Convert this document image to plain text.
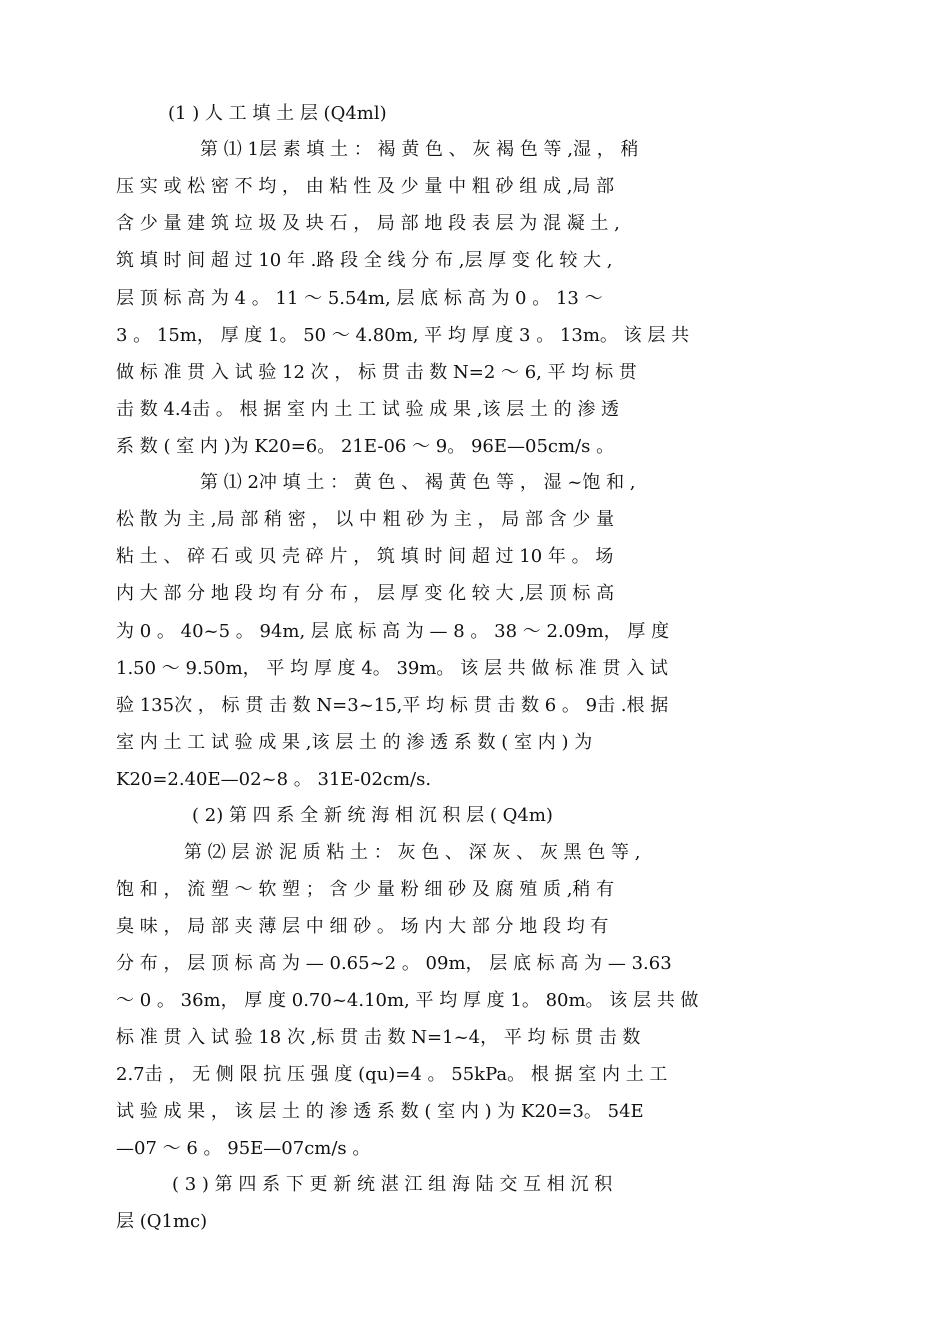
(1 ) 人 工 填 土 层 (Q4ml)
第 ⑴ 1层 素 填 土 ： 褐 黄 色 、 灰 褐 色 等 ,湿 ， 稍
压 实 或 松 密 不 均 ， 由 粘 性 及 少 量 中 粗 砂 组 成 ,局 部
含 少 量 建 筑 垃 圾 及 块 石 ， 局 部 地 段 表 层 为 混 凝 土 ,
筑 填 时 间 超 过 10 年 .路 段 全 线 分 布 ,层 厚 变 化 较 大 ,
层 顶 标 高 为 4 。 11 ～ 5.54m, 层 底 标 高 为 0 。 13 ～
3 。 15m， 厚 度 1。 50 ～ 4.80m, 平 均 厚 度 3 。 13m。 该 层 共
做 标 准 贯 入 试 验 12 次 ， 标 贯 击 数 N=2 ～ 6, 平 均 标 贯
击 数 4.4击 。 根 据 室 内 土 工 试 验 成 果 ,该 层 土 的 渗 透
系 数 ( 室 内 )为 K20=6。 21E-06 ～ 9。 96E—05cm/s 。
第 ⑴ 2冲 填 土 ： 黄 色 、 褐 黄 色 等 ， 湿 ~饱 和 ,
松 散 为 主 ,局 部 稍 密 ， 以 中 粗 砂 为 主 ， 局 部 含 少 量
粘 土 、 碎 石 或 贝 壳 碎 片 ， 筑 填 时 间 超 过 10 年 。 场
内 大 部 分 地 段 均 有 分 布 ， 层 厚 变 化 较 大 ,层 顶 标 高
为 0 。 40~5 。 94m, 层 底 标 高 为 — 8 。 38 ～ 2.09m， 厚 度
1.50 ～ 9.50m， 平 均 厚 度 4。 39m。 该 层 共 做 标 准 贯 入 试
验 135次 ， 标 贯 击 数 N=3~15,平 均 标 贯 击 数 6 。 9击 .根 据
室 内 土 工 试 验 成 果 ,该 层 土 的 渗 透 系 数 ( 室 内 ) 为
K20=2.40E—02~8 。 31E-02cm/s.
( 2) 第 四 系 全 新 统 海 相 沉 积 层 ( Q4m)
第 ⑵ 层 淤 泥 质 粘 土 ： 灰 色 、 深 灰 、 灰 黑 色 等 ,
饱 和 ， 流 塑 ～ 软 塑 ； 含 少 量 粉 细 砂 及 腐 殖 质 ,稍 有
臭 味 ， 局 部 夹 薄 层 中 细 砂 。 场 内 大 部 分 地 段 均 有
分 布 ， 层 顶 标 高 为 — 0.65~2 。 09m， 层 底 标 高 为 — 3.63
～ 0 。 36m， 厚 度 0.70~4.10m, 平 均 厚 度 1。 80m。 该 层 共 做
标 准 贯 入 试 验 18 次 ,标 贯 击 数 N=1~4， 平 均 标 贯 击 数
2.7击 ， 无 侧 限 抗 压 强 度 (qu)=4 。 55kPa。 根 据 室 内 土 工
试 验 成 果 ， 该 层 土 的 渗 透 系 数 ( 室 内 ) 为 K20=3。 54E
—07 ～ 6 。 95E—07cm/s 。
( 3 ) 第 四 系 下 更 新 统 湛 江 组 海 陆 交 互 相 沉 积
层 (Q1mc)
